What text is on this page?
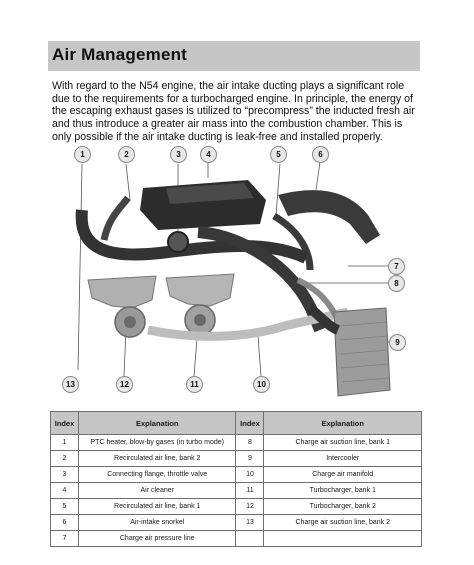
Air Management
With regard to the N54 engine, the air intake ducting plays a significant role due to the requirements for a turbocharged engine. In principle, the energy of the escaping exhaust gases is utilized to “precompress” the inducted fresh air and thus introduce a greater air mass into the combustion chamber. This is only possible if the air intake ducting is leak-free and installed properly.
1	2	3	4	5	6
7
8
9
10
11
12
13
Index	Explanation	Index	Explanation
1	PTC heater, blow-by gases (in turbo mode)	8	Charge air suction line, bank 1
2	Recirculated air line, bank 2	9	Intercooler
3	Connecting flange, throttle valve	10	Charge air manifold
4	Air cleaner	11	Turbocharger, bank 1
5	Recirculated air line, bank 1	12	Turbocharger, bank 2
6	Air-intake snorkel	13	Charge air suction line, bank 2
7	Charge air pressure line		
